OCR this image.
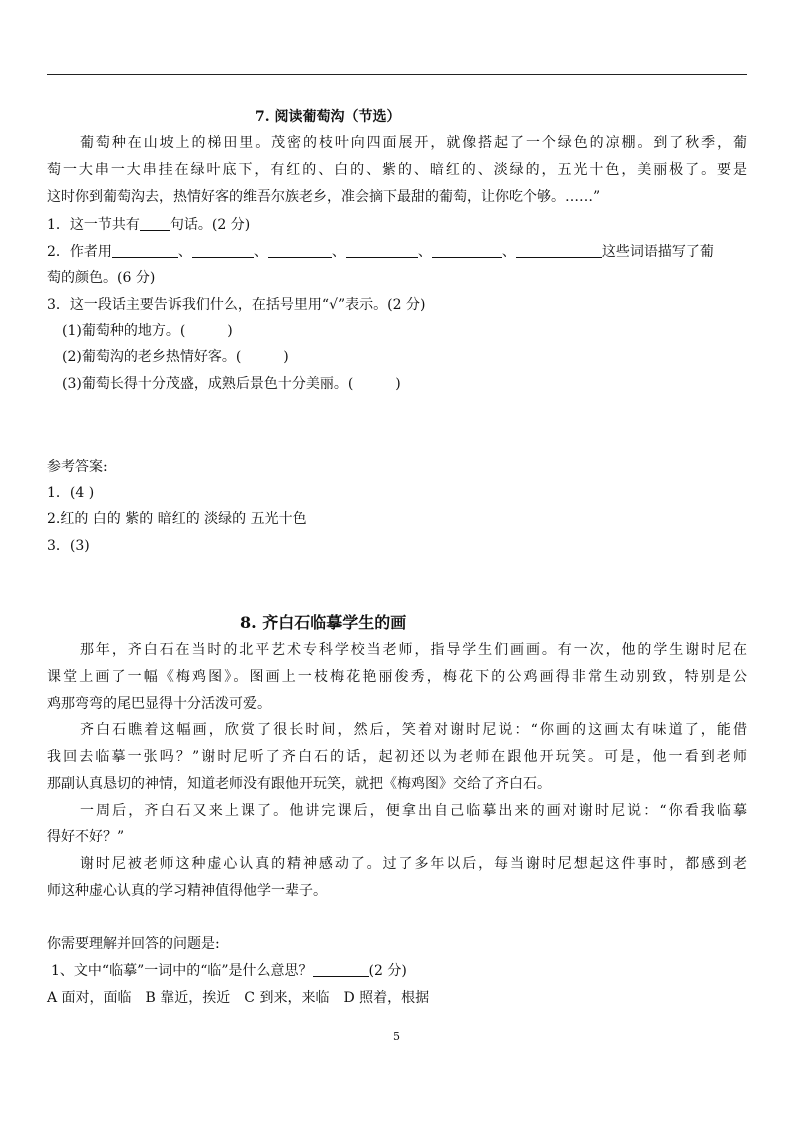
7. 阅读葡萄沟（节选）
葡萄种在山坡上的梯田里。茂密的枝叶向四面展开，就像搭起了一个绿色的凉棚。到了秋季，葡
萄一大串一大串挂在绿叶底下，有红的、白的、紫的、暗红的、淡绿的，五光十色，美丽极了。要是
这时你到葡萄沟去，热情好客的维吾尔族老乡，准会摘下最甜的葡萄，让你吃个够。……”
1．这一节共有 句话。(2 分)
2．作者用	、	、	、	、	、	这些词语描写了葡
萄的颜色。(6 分)
3．这一段话主要告诉我们什么，在括号里用“√”表示。(2 分)
(1)葡萄种的地方。(　　　)
(2)葡萄沟的老乡热情好客。(　　　)
(3)葡萄长得十分茂盛，成熟后景色十分美丽。(　　　)
参考答案:
1．(4 )
2.红的 白的 紫的 暗红的 淡绿的 五光十色
3．(3)
8. 齐白石临摹学生的画
那年，齐白石在当时的北平艺术专科学校当老师，指导学生们画画。有一次，他的学生谢时尼在
课堂上画了一幅《梅鸡图》。图画上一枝梅花艳丽俊秀，梅花下的公鸡画得非常生动别致，特别是公
鸡那弯弯的尾巴显得十分活泼可爱。
齐白石瞧着这幅画，欣赏了很长时间，然后，笑着对谢时尼说：“你画的这画太有味道了，能借
我回去临摹一张吗？”谢时尼听了齐白石的话，起初还以为老师在跟他开玩笑。可是，他一看到老师
那副认真恳切的神情，知道老师没有跟他开玩笑，就把《梅鸡图》交给了齐白石。
一周后，齐白石又来上课了。他讲完课后，便拿出自己临摹出来的画对谢时尼说：“你看我临摹
得好不好？”
谢时尼被老师这种虚心认真的精神感动了。过了多年以后，每当谢时尼想起这件事时，都感到老
师这种虚心认真的学习精神值得他学一辈子。
你需要理解并回答的问题是:
1、文中“临摹”一词中的“临”是什么意思？	(2 分)
A 面对，面临　B 靠近，挨近　C 到来，来临　D 照着，根据
5
